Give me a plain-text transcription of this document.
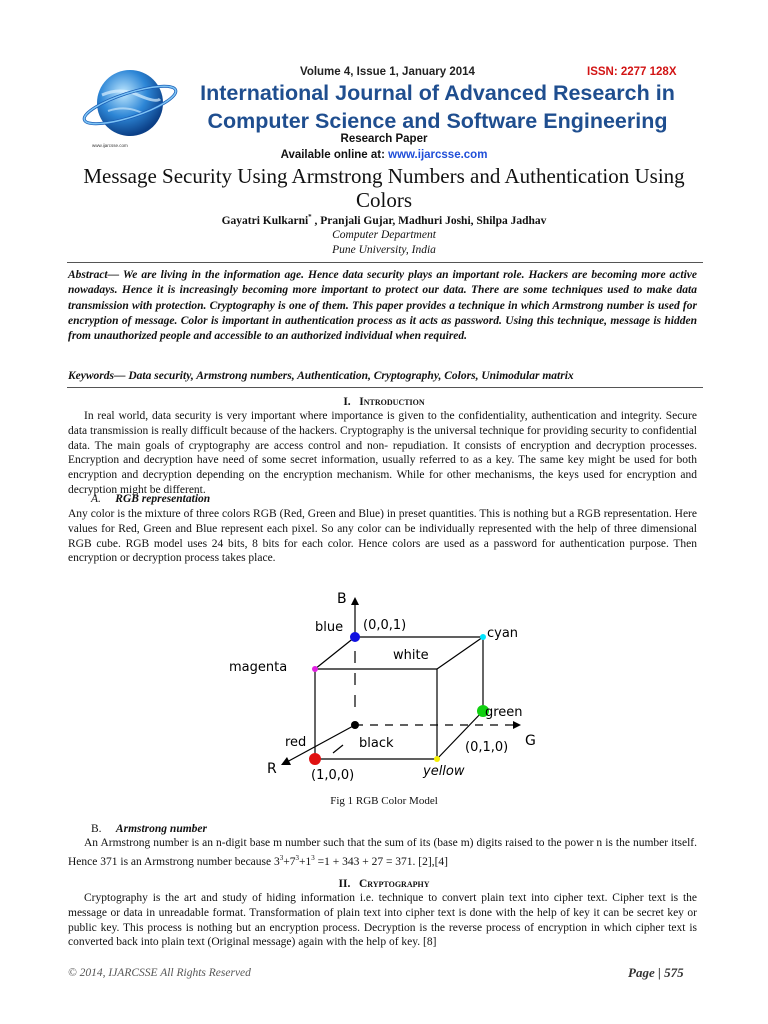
www.ijarcsse.com
Volume 4, Issue 1, January 2014	ISSN: 2277 128X
International Journal of Advanced Research in
Computer Science and Software Engineering
Research Paper
Available online at: www.ijarcsse.com
Message Security Using Armstrong Numbers and Authentication Using Colors
Gayatri Kulkarni* , Pranjali Gujar, Madhuri Joshi, Shilpa Jadhav
Computer Department
Pune University, India
Abstract— We are living in the information age. Hence data security plays an important role. Hackers are becoming more active nowadays. Hence it is increasingly becoming more important to protect our data. There are some techniques used to make data transmission with protection. Cryptography is one of them. This paper provides a technique in which Armstrong number is used for encryption of message. Color is important in authentication process as it acts as password. Using this technique, message is hidden from unauthorized people and accessible to an authorized individual when required.
Keywords— Data security, Armstrong numbers, Authentication, Cryptography, Colors, Unimodular matrix
I. Introduction
In real world, data security is very important where importance is given to the confidentiality, authentication and integrity. Secure data transmission is really difficult because of the hackers. Cryptography is the universal technique for providing security to confidential data. The main goals of cryptography are access control and non- repudiation. It consists of encryption and decryption processes. Encryption and decryption have need of some secret information, usually referred to as a key. The same key might be used for both encryption and decryption depending on the encryption mechanism. While for other mechanisms, the keys used for encryption and decryption might be different.
A. RGB representation
Any color is the mixture of three colors RGB (Red, Green and Blue) in preset quantities. This is nothing but a RGB representation. Here values for Red, Green and Blue represent each pixel. So any color can be individually represented with the help of three dimensional RGB cube. RGB model uses 24 bits, 8 bits for each color. Hence colors are used as a password for authentication purpose. Then encryption or decryption process takes place.
B
R
G
blue (0,0,1)
cyan
magenta
white
green
red	black	(0,1,0)
(1,0,0)	yellow
Fig 1 RGB Color Model
B. Armstrong number
An Armstrong number is an n-digit base m number such that the sum of its (base m) digits raised to the power n is the number itself. Hence 371 is an Armstrong number because $3^3+7^3+1^3 =1 + 343 + 27 = 371$. [2],[4]
II. Cryptography
Cryptography is the art and study of hiding information i.e. technique to convert plain text into cipher text. Cipher text is the message or data in unreadable format. Transformation of plain text into cipher text is done with the help of key it can be secret key or public key. This process is nothing but an encryption process. Decryption is the reverse process of encryption in which cipher text is converted back into plain text (Original message) again with the help of key. [8]
© 2014, IJARCSSE All Rights Reserved	Page | 575
